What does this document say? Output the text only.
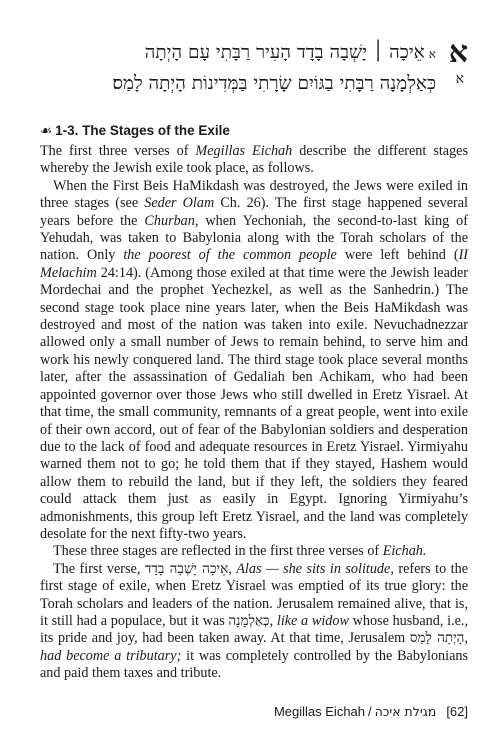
א
א
אאֵיכָה ׀ יָשְׁבָה בָדָד הָעִיר רַבָּתִי עָם הָיְתָה
כְּאַלְמָנָה רַבָּתִי בַגּוֹיִם שָׂרָתִי בַּמְּדִינוֹת הָיְתָה לָמַס׃
☙ 1-3. The Stages of the Exile

The first three verses of Megillas Eichah describe the different stages whereby the Jewish exile took place, as follows.

When the First Beis HaMikdash was destroyed, the Jews were exiled in three stages (see Seder Olam Ch. 26). The first stage happened several years before the Churban, when Yechoniah, the second-to-last king of Yehudah, was taken to Babylonia along with the Torah scholars of the nation. Only the poorest of the common people were left behind (II Melachim 24:14). (Among those exiled at that time were the Jewish leader Mordechai and the prophet Yechezkel, as well as the Sanhedrin.) The second stage took place nine years later, when the Beis HaMikdash was destroyed and most of the nation was taken into exile. Nevuchadnezzar allowed only a small number of Jews to remain behind, to serve him and work his newly conquered land. The third stage took place several months later, after the assassination of Gedaliah ben Achikam, who had been appointed governor over those Jews who still dwelled in Eretz Yisrael. At that time, the small community, remnants of a great people, went into exile of their own accord, out of fear of the Babylonian soldiers and desperation due to the lack of food and adequate resources in Eretz Yisrael. Yirmiyahu warned them not to go; he told them that if they stayed, Hashem would allow them to rebuild the land, but if they left, the soldiers they feared could attack them just as easily in Egypt. Ignoring Yirmiyahu’s admonishments, this group left Eretz Yisrael, and the land was completely desolate for the next fifty-two years.

These three stages are reflected in the first three verses of Eichah.

The first verse, אֵיכָה יָשְׁבָה בָדָד, Alas — she sits in solitude, refers to the first stage of exile, when Eretz Yisrael was emptied of its true glory: the Torah scholars and leaders of the nation. Jerusalem remained alive, that is, it still had a populace, but it was כְּאַלְמָנָה, like a widow whose husband, i.e., its pride and joy, had been taken away. At that time, Jerusalem הָיְתָה לָמַס, had become a tributary; it was completely controlled by the Babylonians and paid them taxes and tribute.

Megillas Eichah / מגילת איכה [62]
